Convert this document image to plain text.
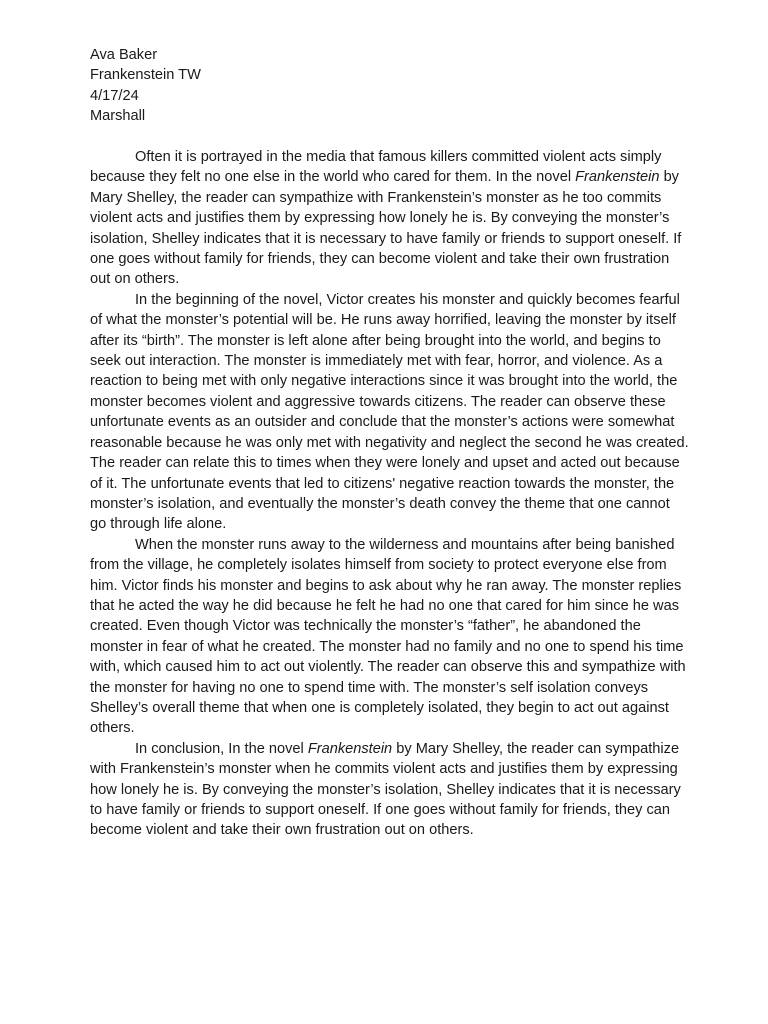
Ava Baker
Frankenstein TW
4/17/24
Marshall

Often it is portrayed in the media that famous killers committed violent acts simply because they felt no one else in the world who cared for them. In the novel Frankenstein by Mary Shelley, the reader can sympathize with Frankenstein’s monster as he too commits violent acts and justifies them by expressing how lonely he is. By conveying the monster’s isolation, Shelley indicates that it is necessary to have family or friends to support oneself. If one goes without family for friends, they can become violent and take their own frustration out on others.

In the beginning of the novel, Victor creates his monster and quickly becomes fearful of what the monster’s potential will be. He runs away horrified, leaving the monster by itself after its “birth”. The monster is left alone after being brought into the world, and begins to seek out interaction. The monster is immediately met with fear, horror, and violence. As a reaction to being met with only negative interactions since it was brought into the world, the monster becomes violent and aggressive towards citizens. The reader can observe these unfortunate events as an outsider and conclude that the monster’s actions were somewhat reasonable because he was only met with negativity and neglect the second he was created. The reader can relate this to times when they were lonely and upset and acted out because of it. The unfortunate events that led to citizens' negative reaction towards the monster, the monster’s isolation, and eventually the monster’s death convey the theme that one cannot go through life alone.

When the monster runs away to the wilderness and mountains after being banished from the village, he completely isolates himself from society to protect everyone else from him. Victor finds his monster and begins to ask about why he ran away. The monster replies that he acted the way he did because he felt he had no one that cared for him since he was created. Even though Victor was technically the monster’s “father”, he abandoned the monster in fear of what he created. The monster had no family and no one to spend his time with, which caused him to act out violently. The reader can observe this and sympathize with the monster for having no one to spend time with. The monster’s self isolation conveys Shelley’s overall theme that when one is completely isolated, they begin to act out against others.

In conclusion, In the novel Frankenstein by Mary Shelley, the reader can sympathize with Frankenstein’s monster when he commits violent acts and justifies them by expressing how lonely he is. By conveying the monster’s isolation, Shelley indicates that it is necessary to have family or friends to support oneself. If one goes without family for friends, they can become violent and take their own frustration out on others.
